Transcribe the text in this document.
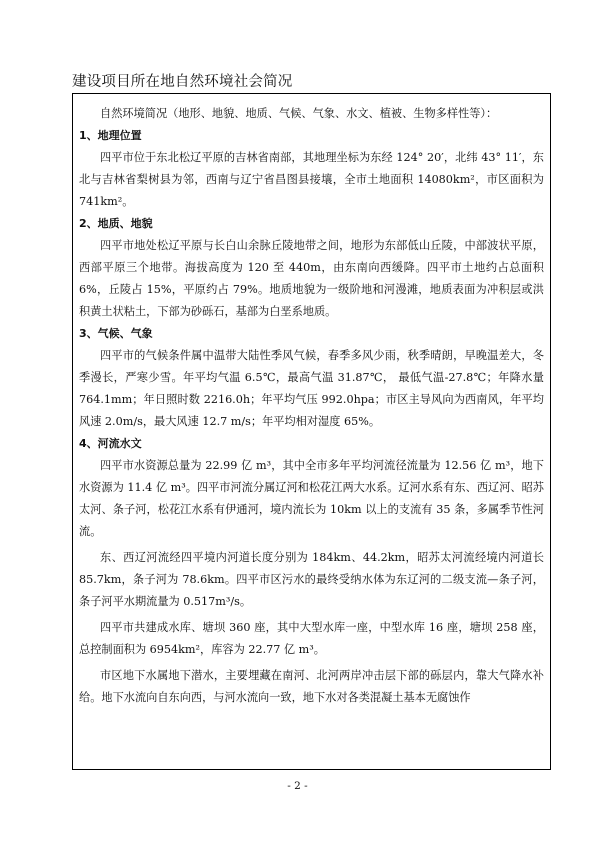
建设项目所在地自然环境社会简况

自然环境简况（地形、地貌、地质、气候、气象、水文、植被、生物多样性等）：

1、地理位置

四平市位于东北松辽平原的吉林省南部，其地理坐标为东经 124° 20′，北纬 43° 11′，东北与吉林省梨树县为邻，西南与辽宁省昌图县接壤，全市土地面积 14080km²，市区面积为 741km²。

2、地质、地貌

四平市地处松辽平原与长白山余脉丘陵地带之间，地形为东部低山丘陵，中部波状平原，西部平原三个地带。海拔高度为 120 至 440m，由东南向西缓降。四平市土地约占总面积 6%，丘陵占 15%，平原约占 79%。地质地貌为一级阶地和河漫滩，地质表面为冲积层或洪积黄土状粘土，下部为砂砾石，基部为白垩系地质。

3、气候、气象

四平市的气候条件属中温带大陆性季风气候，春季多风少雨，秋季晴朗，早晚温差大，冬季漫长，严寒少雪。年平均气温 6.5℃，最高气温 31.87℃， 最低气温-27.8℃；年降水量 764.1mm；年日照时数 2216.0h；年平均气压 992.0hpa；市区主导风向为西南风，年平均风速 2.0m/s，最大风速 12.7 m/s；年平均相对湿度 65%。

4、河流水文

四平市水资源总量为 22.99 亿 m³，其中全市多年平均河流径流量为 12.56 亿 m³，地下水资源为 11.4 亿 m³。四平市河流分属辽河和松花江两大水系。辽河水系有东、西辽河、昭苏太河、条子河，松花江水系有伊通河，境内流长为 10km 以上的支流有 35 条，多属季节性河流。

东、西辽河流经四平境内河道长度分别为 184km、44.2km，昭苏太河流经境内河道长 85.7km，条子河为 78.6km。四平市区污水的最终受纳水体为东辽河的二级支流—条子河，条子河平水期流量为 0.517m³/s。

四平市共建成水库、塘坝 360 座，其中大型水库一座，中型水库 16 座，塘坝 258 座，总控制面积为 6954km²，库容为 22.77 亿 m³。

市区地下水属地下潜水，主要埋藏在南河、北河两岸冲击层下部的砾层内，靠大气降水补给。地下水流向自东向西，与河水流向一致，地下水对各类混凝土基本无腐蚀作

- 2 -
